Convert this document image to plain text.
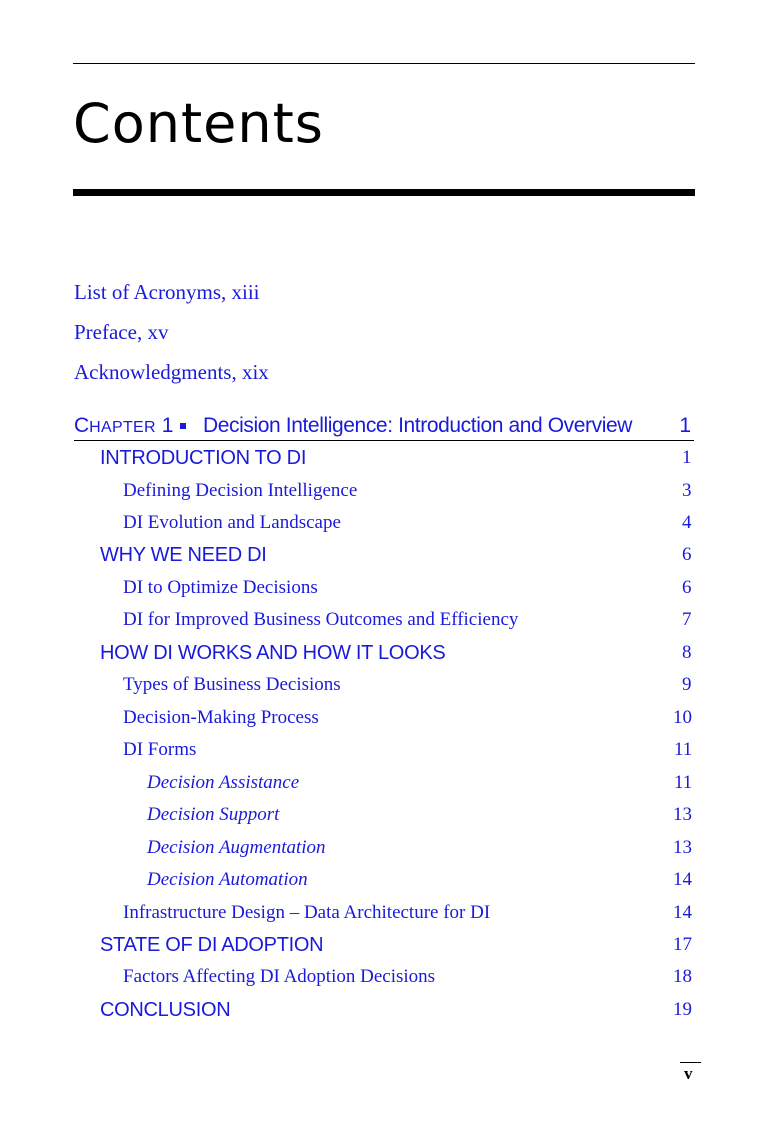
Contents
List of Acronyms, xiii
Preface, xv
Acknowledgments, xix
CHAPTER 1 Decision Intelligence: Introduction and Overview 1
INTRODUCTION TO DI	1
Defining Decision Intelligence	3
DI Evolution and Landscape	4
WHY WE NEED DI	6
DI to Optimize Decisions	6
DI for Improved Business Outcomes and Efficiency	7
HOW DI WORKS AND HOW IT LOOKS	8
Types of Business Decisions	9
Decision-Making Process	10
DI Forms	11
Decision Assistance	11
Decision Support	13
Decision Augmentation	13
Decision Automation	14
Infrastructure Design – Data Architecture for DI	14
STATE OF DI ADOPTION	17
Factors Affecting DI Adoption Decisions	18
CONCLUSION	19
v
